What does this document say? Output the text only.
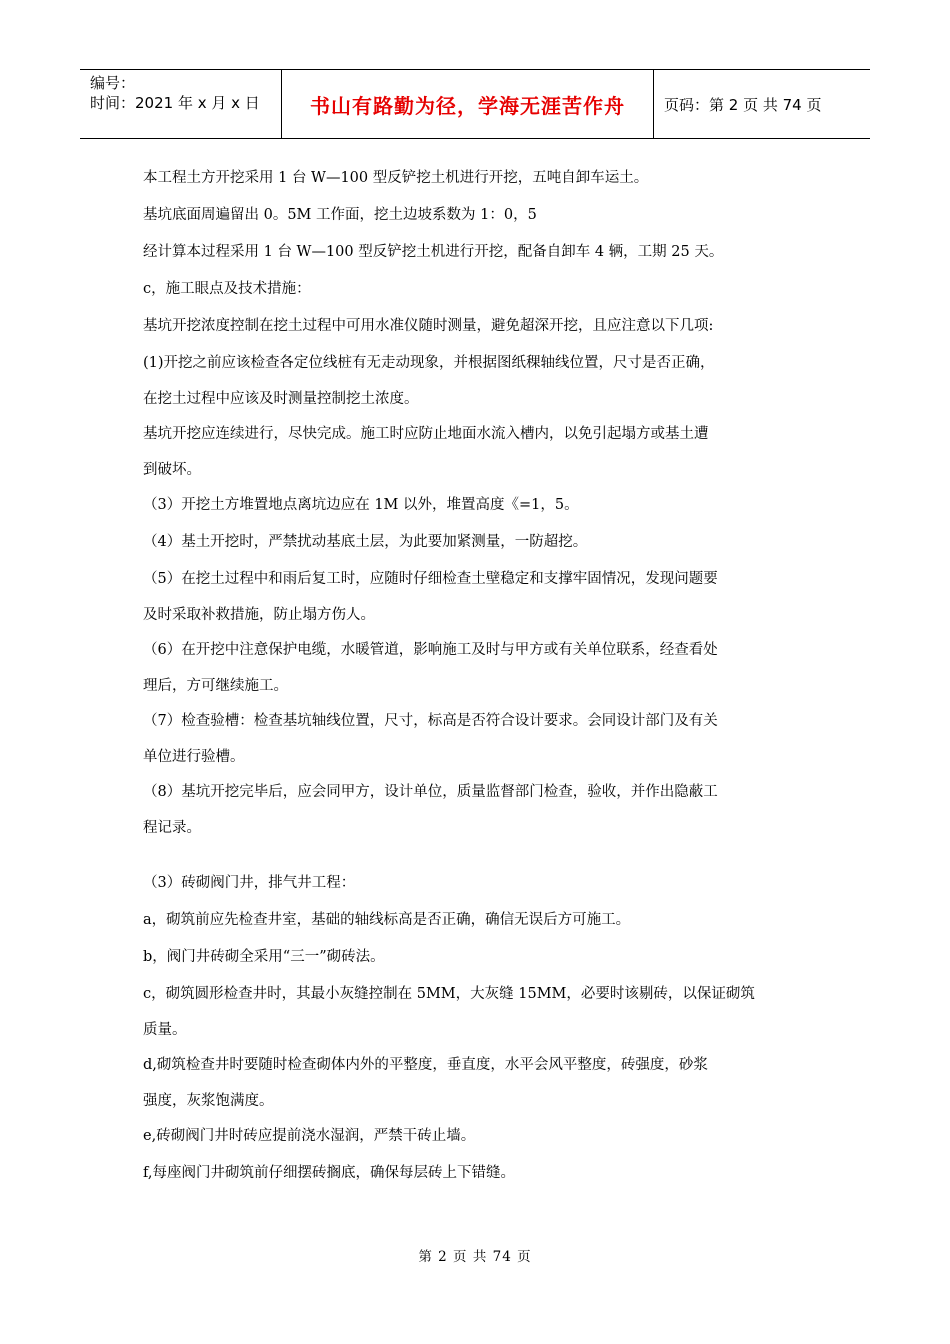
编号：
时间：2021 年 x 月 x 日	书山有路勤为径，学海无涯苦作舟	页码：第 2 页 共 74 页

本工程土方开挖采用 1 台 W—100 型反铲挖土机进行开挖，五吨自卸车运土。

基坑底面周遍留出 0。5M 工作面，挖土边坡系数为 1：0，5

经计算本过程采用 1 台 W—100 型反铲挖土机进行开挖，配备自卸车 4 辆，工期 25 天。

c，施工眼点及技术措施：

基坑开挖浓度控制在挖土过程中可用水准仪随时测量，避免超深开挖，且应注意以下几项:

(1)开挖之前应该检查各定位线桩有无走动现象，并根据图纸稞轴线位置，尺寸是否正确，

在挖土过程中应该及时测量控制挖土浓度。

基坑开挖应连续进行，尽快完成。施工时应防止地面水流入槽内，以免引起塌方或基土遭

到破坏。

（3）开挖土方堆置地点离坑边应在 1M 以外，堆置高度《=1，5。

（4）基土开挖时，严禁扰动基底土层，为此要加紧测量，一防超挖。

（5）在挖土过程中和雨后复工时，应随时仔细检查土壁稳定和支撑牢固情况，发现问题要

及时采取补救措施，防止塌方伤人。

（6）在开挖中注意保护电缆，水暖管道，影响施工及时与甲方或有关单位联系，经查看处

理后，方可继续施工。

（7）检查验槽：检查基坑轴线位置，尺寸，标高是否符合设计要求。会同设计部门及有关

单位进行验槽。

（8）基坑开挖完毕后，应会同甲方，设计单位，质量监督部门检查，验收，并作出隐蔽工

程记录。

（3）砖砌阀门井，排气井工程：

a，砌筑前应先检查井室，基础的轴线标高是否正确，确信无误后方可施工。

b，阀门井砖砌全采用“三一”砌砖法。

c，砌筑圆形检查井时，其最小灰缝控制在 5MM，大灰缝 15MM，必要时该剔砖，以保证砌筑

质量。

d,砌筑检查井时要随时检查砌体内外的平整度，垂直度，水平会风平整度，砖强度，砂浆

强度，灰浆饱满度。

e,砖砌阀门井时砖应提前浇水湿润，严禁干砖止墙。

f,每座阀门井砌筑前仔细摆砖搁底，确保每层砖上下错缝。

第 2 页 共 74 页
